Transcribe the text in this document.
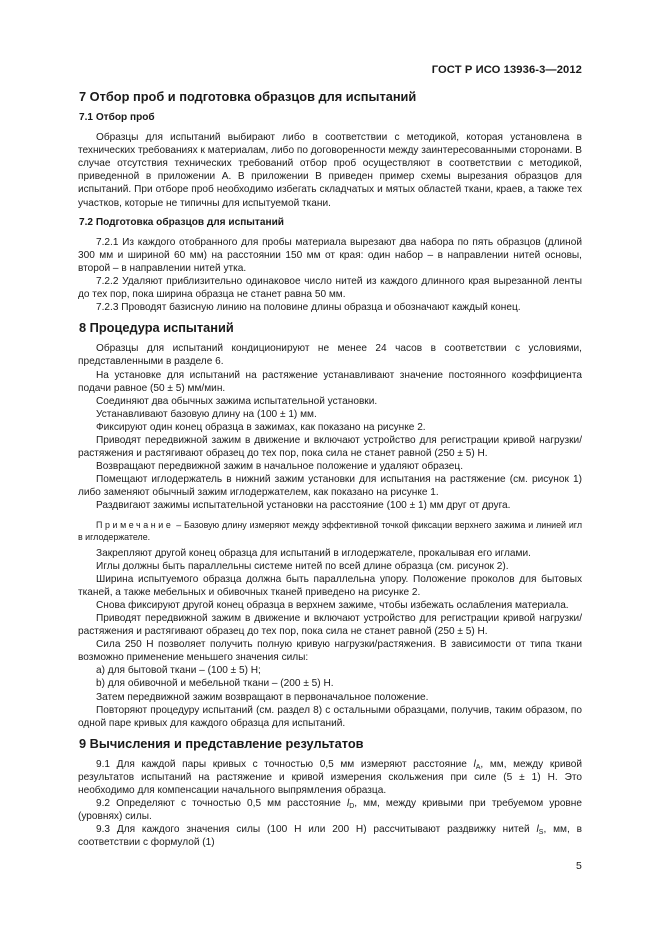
ГОСТ Р ИСО 13936-3—2012
7 Отбор проб и подготовка образцов для испытаний
7.1 Отбор проб

Образцы для испытаний выбирают либо в соответствии с методикой, которая установлена в технических требованиях к материалам, либо по договоренности между заинтересованными сторонами. В случае отсутствия технических требований отбор проб осуществляют в соответствии с методикой, приведенной в приложении А. В приложении В приведен пример схемы вырезания образцов для испытаний. При отборе проб необходимо избегать складчатых и мятых областей ткани, краев, а также тех участков, которые не типичны для испытуемой ткани.

7.2 Подготовка образцов для испытаний

7.2.1 Из каждого отобранного для пробы материала вырезают два набора по пять образцов (длиной 300 мм и шириной 60 мм) на расстоянии 150 мм от края: один набор – в направлении нитей основы, второй – в направлении нитей утка.

7.2.2 Удаляют приблизительно одинаковое число нитей из каждого длинного края вырезанной ленты до тех пор, пока ширина образца не станет равна 50 мм.

7.2.3 Проводят базисную линию на половине длины образца и обозначают каждый конец.

8 Процедура испытаний

Образцы для испытаний кондиционируют не менее 24 часов в соответствии с условиями, представленными в разделе 6.

На установке для испытаний на растяжение устанавливают значение постоянного коэффициента подачи равное (50 ± 5) мм/мин.

Соединяют два обычных зажима испытательной установки.

Устанавливают базовую длину на (100 ± 1) мм.

Фиксируют один конец образца в зажимах, как показано на рисунке 2.

Приводят передвижной зажим в движение и включают устройство для регистрации кривой нагрузки/растяжения и растягивают образец до тех пор, пока сила не станет равной (250 ± 5) Н.

Возвращают передвижной зажим в начальное положение и удаляют образец.

Помещают иглодержатель в нижний зажим установки для испытания на растяжение (см. рисунок 1) либо заменяют обычный зажим иглодержателем, как показано на рисунке 1.

Раздвигают зажимы испытательной установки на расстояние (100 ± 1) мм друг от друга.

Примечание – Базовую длину измеряют между эффективной точкой фиксации верхнего зажима и линией игл в иглодержателе.

Закрепляют другой конец образца для испытаний в иглодержателе, прокалывая его иглами.

Иглы должны быть параллельны системе нитей по всей длине образца (см. рисунок 2).

Ширина испытуемого образца должна быть параллельна упору. Положение проколов для бытовых тканей, а также мебельных и обивочных тканей приведено на рисунке 2.

Снова фиксируют другой конец образца в верхнем зажиме, чтобы избежать ослабления материала.

Приводят передвижной зажим в движение и включают устройство для регистрации кривой нагрузки/растяжения и растягивают образец до тех пор, пока сила не станет равной (250 ± 5) Н.

Сила 250 Н позволяет получить полную кривую нагрузки/растяжения. В зависимости от типа ткани возможно применение меньшего значения силы:

a) для бытовой ткани – (100 ± 5) Н;

b) для обивочной и мебельной ткани – (200 ± 5) Н.

Затем передвижной зажим возвращают в первоначальное положение.

Повторяют процедуру испытаний (см. раздел 8) с остальными образцами, получив, таким образом, по одной паре кривых для каждого образца для испытаний.

9 Вычисления и представление результатов

9.1 Для каждой пары кривых с точностью 0,5 мм измеряют расстояние $l_A$, мм, между кривой результатов испытаний на растяжение и кривой измерения скольжения при силе (5 ± 1) Н. Это необходимо для компенсации начального выпрямления образца.

9.2 Определяют с точностью 0,5 мм расстояние $l_D$, мм, между кривыми при требуемом уровне (уровнях) силы.

9.3 Для каждого значения силы (100 Н или 200 Н) рассчитывают раздвижку нитей $l_S$, мм, в соответствии с формулой (1)

5
